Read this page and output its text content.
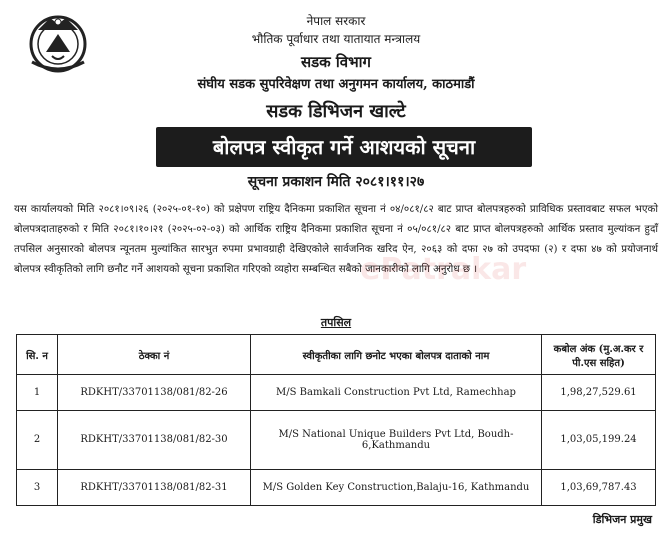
नेपाल सरकार
भौतिक पूर्वाधार तथा यातायात मन्त्रालय
सडक विभाग
संघीय सडक सुपरिवेक्षण तथा अनुगमन कार्यालय, काठमाडौं
सडक डिभिजन खाल्टे
बोलपत्र स्वीकृत गर्ने आशयको सूचना
सूचना प्रकाशन मिति २०८१।११।२७
यस कार्यालयको मिति २०८१।०९।२६ (२०२५-०१-१०) को प्रक्षेपण राष्ट्रिय दैनिकमा प्रकाशित सूचना नं ०४/०८१/८२ बाट प्राप्त बोलपत्रहरुको प्राविधिक प्रस्तावबाट सफल भएको बोलपत्रदाताहरुको र मिति २०८१।१०।२१ (२०२५-०२-०३) को आर्थिक राष्ट्रिय दैनिकमा प्रकाशित सूचना नं ०५/०८१/८२ बाट प्राप्त बोलपत्रहरुको आर्थिक प्रस्ताव मुल्यांकन हुदाँ तपसिल अनुसारको बोलपत्र न्यूनतम मुल्यांकित सारभुत रुपमा प्रभावग्राही देखिएकोले सार्वजनिक खरिद ऐन, २०६३ को दफा २७ को उपदफा (२) र दफा ४७ को प्रयोजनार्थ बोलपत्र स्वीकृतिको लागि छनौट गर्ने आशयको सूचना प्रकाशित गरिएको व्यहोरा सम्बन्धित सबैको जानकारीको लागि अनुरोध छ ।
ePatrakar
तपसिल
सि. न	ठेक्का नं	स्वीकृतीका लागि छनोट भएका बोलपत्र दाताको नाम	कबोल अंक (मु.अ.कर र पी.एस सहित)
1	RDKHT/33701138/081/82-26	M/S Bamkali Construction Pvt Ltd, Ramechhap	1,98,27,529.61
2	RDKHT/33701138/081/82-30	M/S National Unique Builders Pvt Ltd, Boudh-6,Kathmandu	1,03,05,199.24
3	RDKHT/33701138/081/82-31	M/S Golden Key Construction,Balaju-16, Kathmandu	1,03,69,787.43
डिभिजन प्रमुख
